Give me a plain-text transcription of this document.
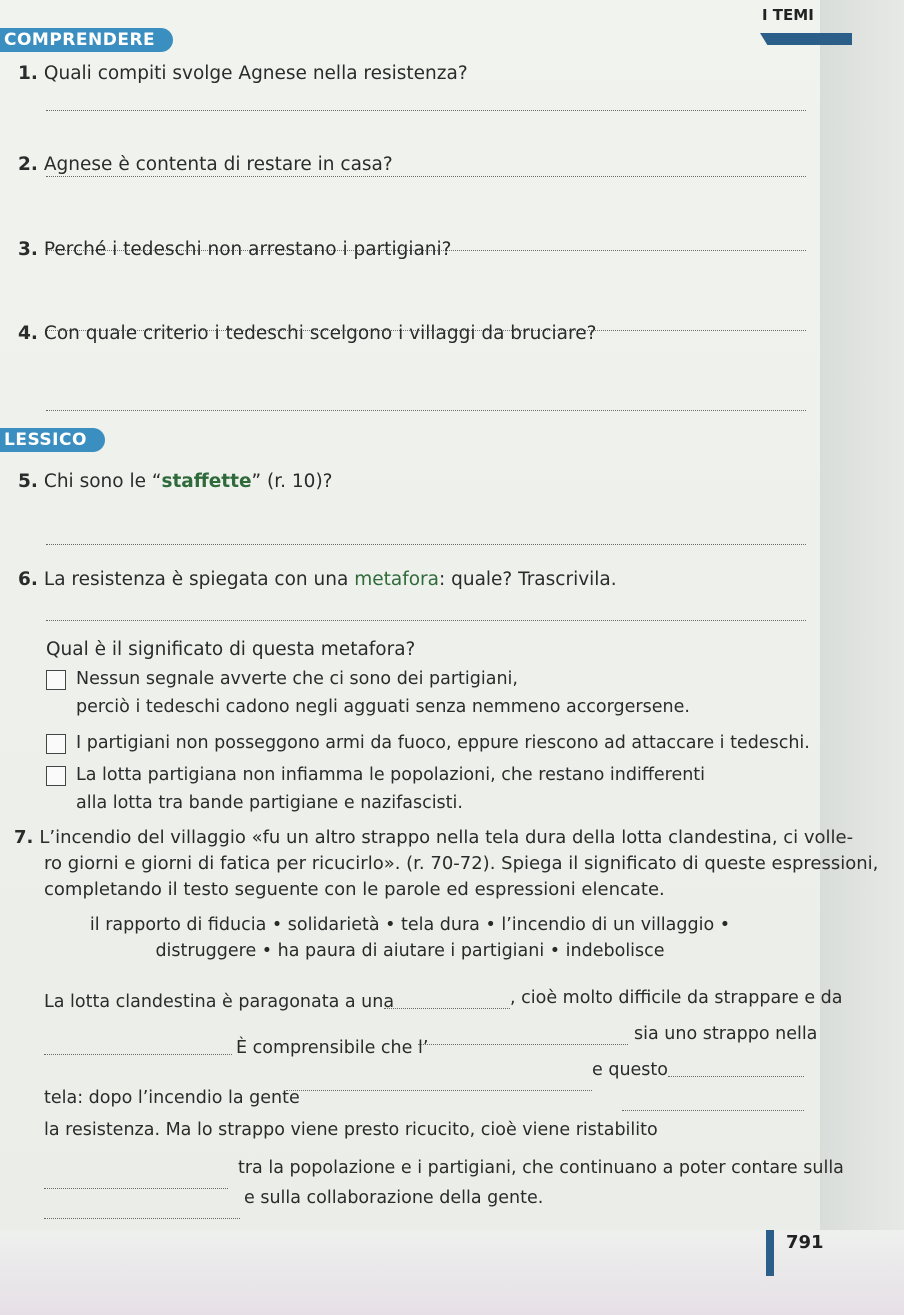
I TEMI
COMPRENDERE
1. Quali compiti svolge Agnese nella resistenza?
2. Agnese è contenta di restare in casa?
3. Perché i tedeschi non arrestano i partigiani?
4. Con quale criterio i tedeschi scelgono i villaggi da bruciare?
LESSICO
5. Chi sono le “staffette” (r. 10)?
6. La resistenza è spiegata con una metafora: quale? Trascrivila.
Qual è il significato di questa metafora?
Nessun segnale avverte che ci sono dei partigiani,
perciò i tedeschi cadono negli agguati senza nemmeno accorgersene.
I partigiani non posseggono armi da fuoco, eppure riescono ad attaccare i tedeschi.
La lotta partigiana non infiamma le popolazioni, che restano indifferenti
alla lotta tra bande partigiane e nazifascisti.
7. L’incendio del villaggio «fu un altro strappo nella tela dura della lotta clandestina, ci volle-
ro giorni e giorni di fatica per ricucirlo». (r. 70-72). Spiega il significato di queste espressioni,
completando il testo seguente con le parole ed espressioni elencate.
il rapporto di fiducia • solidarietà • tela dura • l’incendio di un villaggio •
distruggere • ha paura di aiutare i partigiani • indebolisce
La lotta clandestina è paragonata a una	, cioè molto difficile da strappare e da
È comprensibile che l’
sia uno strappo nella
tela: dopo l’incendio la gente
e questo
la resistenza. Ma lo strappo viene presto ricucito, cioè viene ristabilito
tra la popolazione e i partigiani, che continuano a poter contare sulla
e sulla collaborazione della gente.
791
